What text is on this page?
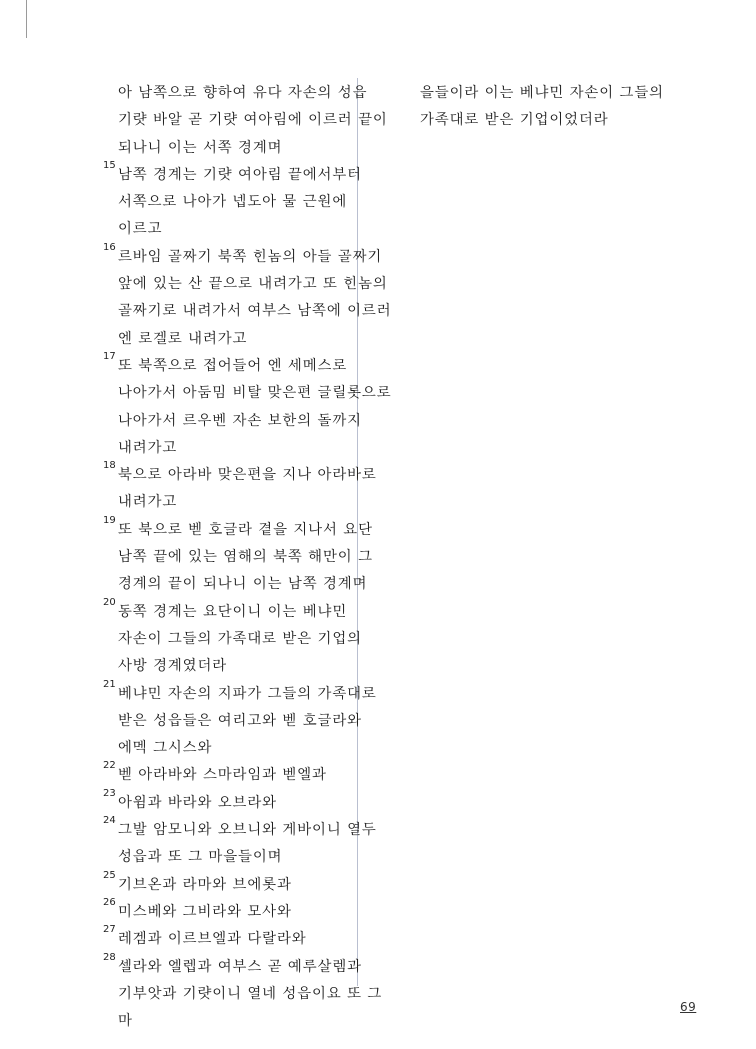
아 남쪽으로 향하여 유다 자손의 성읍 기럇 바알 곧 기럇 여아림에 이르러 끝이 되나니 이는 서쪽 경계며
15
남쪽 경계는 기럇 여아림 끝에서부터 서쪽으로 나아가 넵도아 물 근원에 이르고
16
르바임 골짜기 북쪽 힌놈의 아들 골짜기 앞에 있는 산 끝으로 내려가고 또 힌놈의 골짜기로 내려가서 여부스 남쪽에 이르러 엔 로겔로 내려가고
17
또 북쪽으로 접어들어 엔 세메스로 나아가서 아둠밈 비탈 맞은편 글릴롯으로 나아가서 르우벤 자손 보한의 돌까지 내려가고
18
북으로 아라바 맞은편을 지나 아라바로 내려가고
19
또 북으로 벧 호글라 곁을 지나서 요단 남쪽 끝에 있는 염해의 북쪽 해만이 그 경계의 끝이 되나니 이는 남쪽 경계며
20
동쪽 경계는 요단이니 이는 베냐민 자손이 그들의 가족대로 받은 기업의 사방 경계였더라
21
베냐민 자손의 지파가 그들의 가족대로 받은 성읍들은 여리고와 벧 호글라와 에멕 그시스와
22
벧 아라바와 스마라임과 벧엘과
23
아윔과 바라와 오브라와
24
그발 암모니와 오브니와 게바이니 열두 성읍과 또 그 마을들이며
25
기브온과 라마와 브에롯과
26
미스베와 그비라와 모사와
27
레겜과 이르브엘과 다랄라와
28
셀라와 엘렙과 여부스 곧 예루살렘과 기부앗과 기럇이니 열네 성읍이요 또 그 마
을들이라 이는 베냐민 자손이 그들의 가족대로 받은 기업이었더라
69
